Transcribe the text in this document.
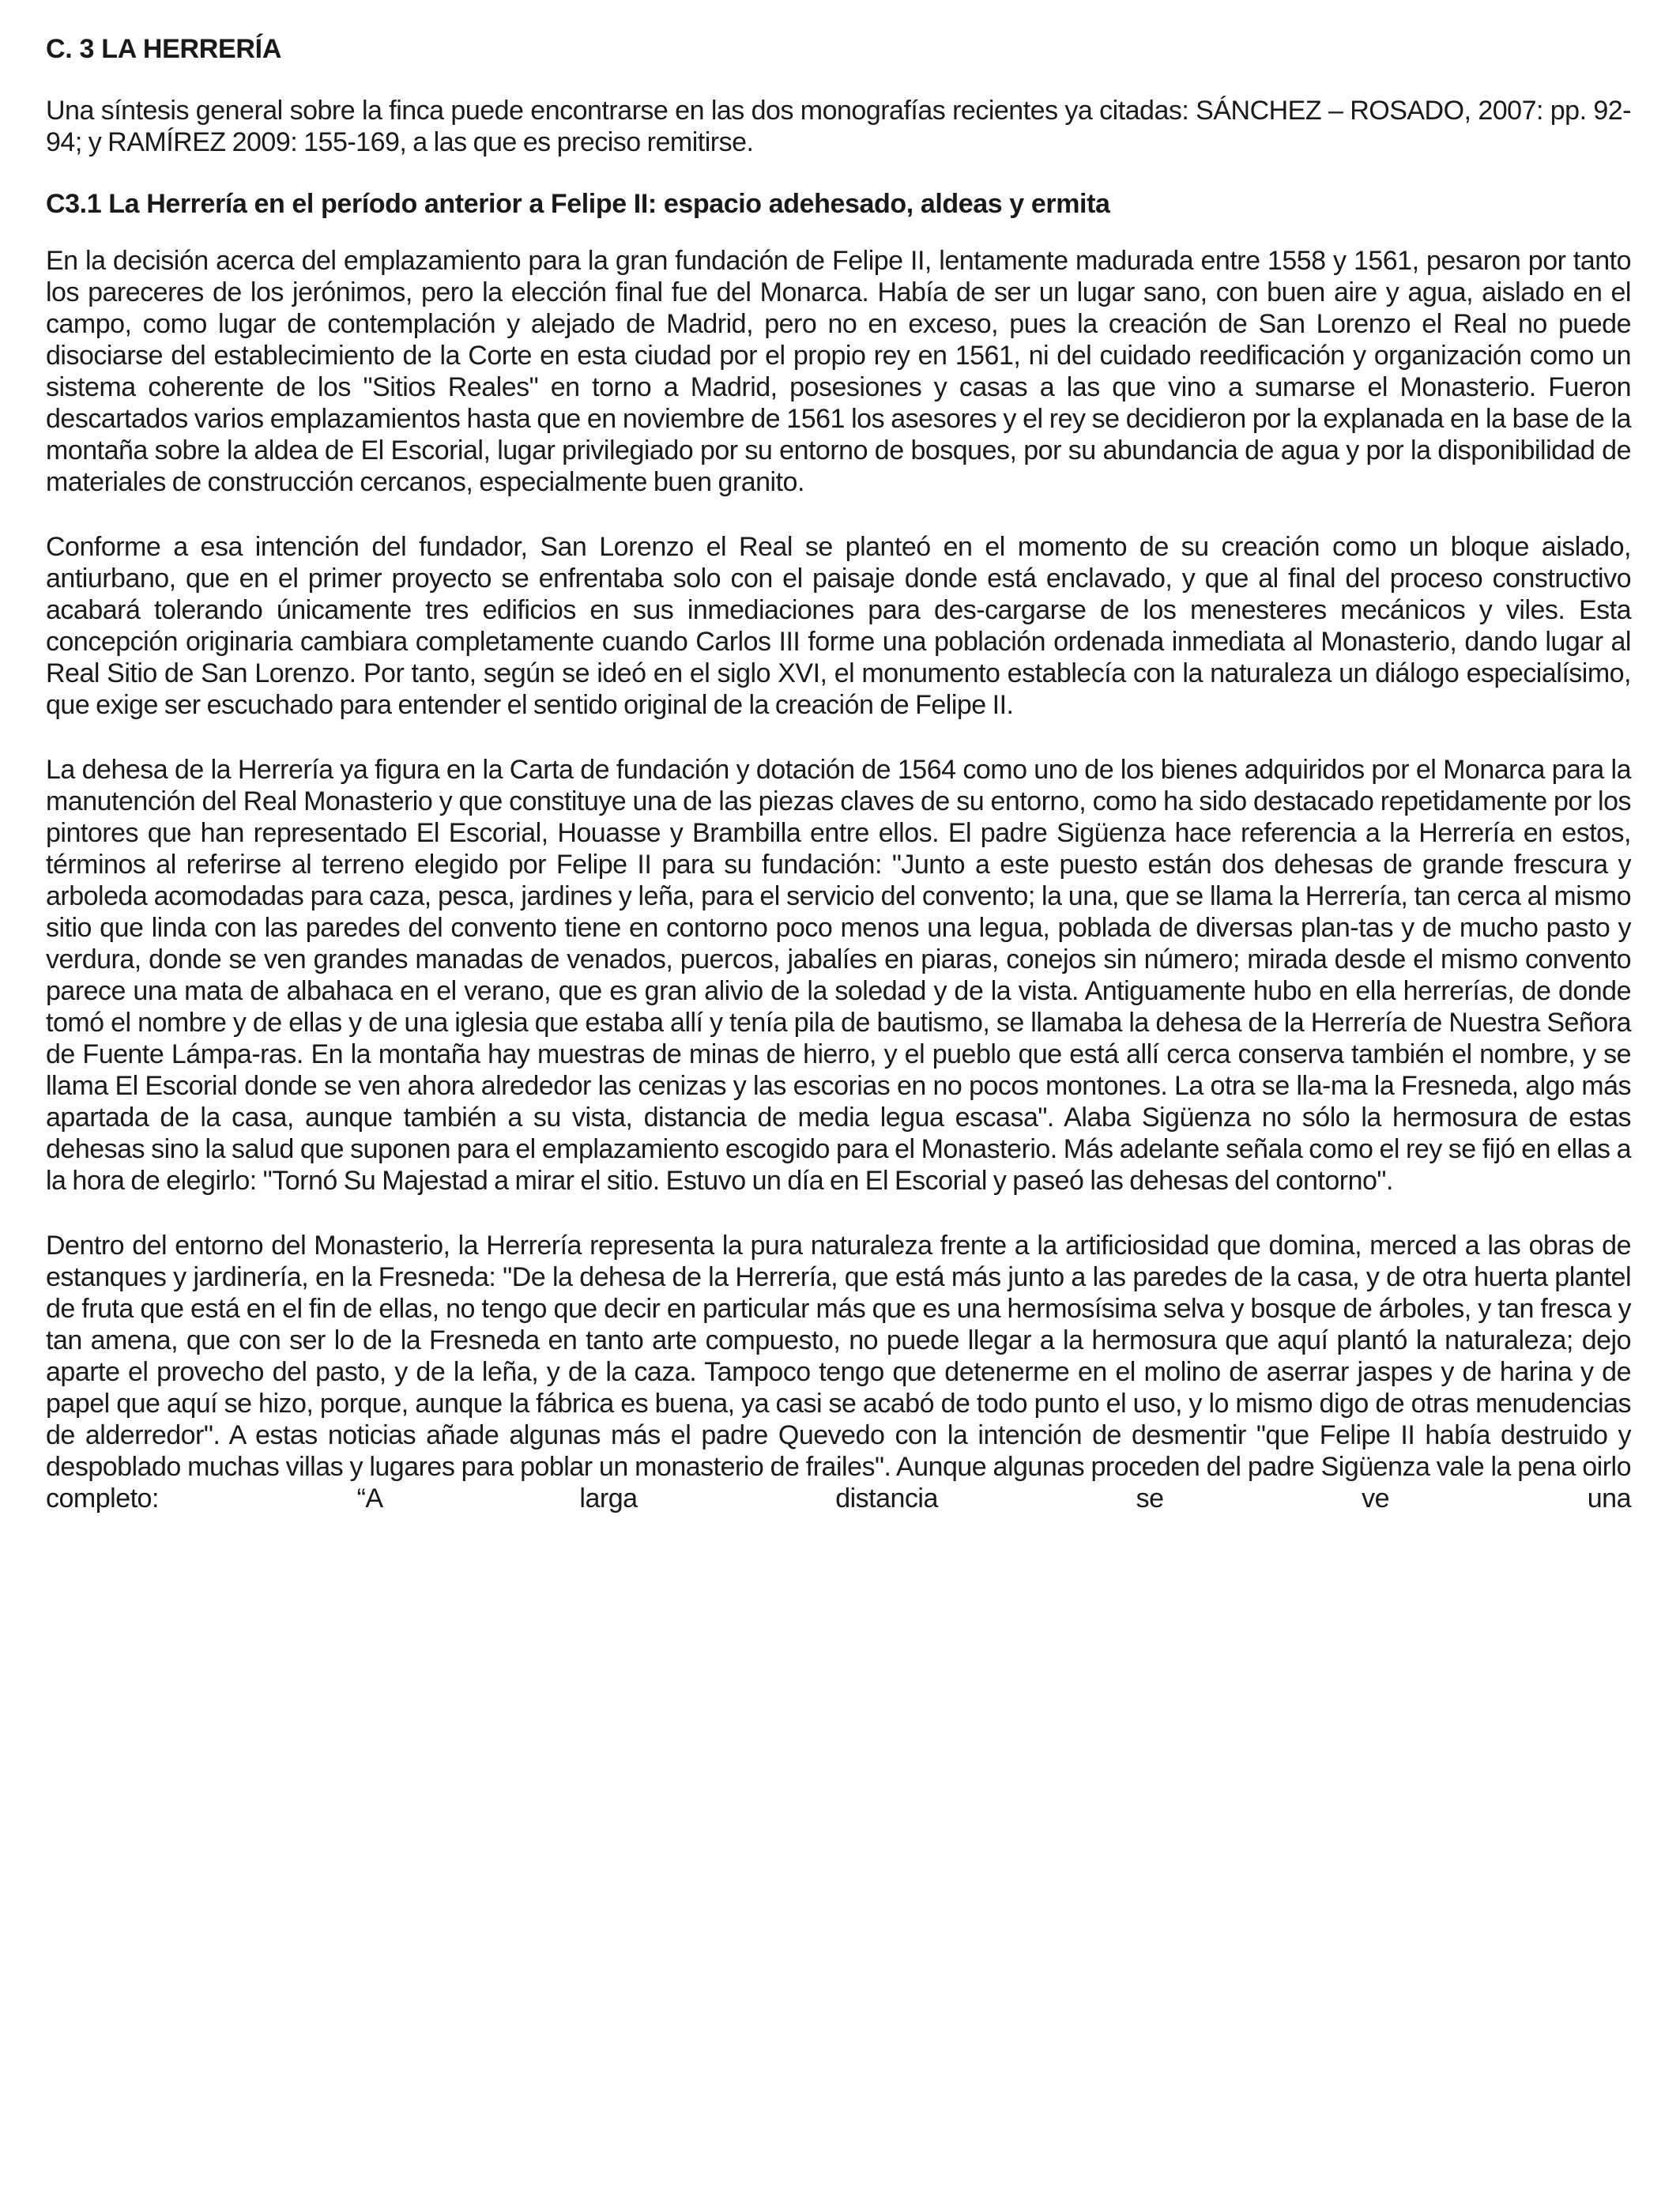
C. 3 LA HERRERÍA

Una síntesis general sobre la finca puede encontrarse en las dos monografías recientes ya citadas: SÁNCHEZ – ROSADO, 2007: pp. 92-94; y RAMÍREZ 2009: 155-169, a las que es preciso remitirse.

C3.1 La Herrería en el período anterior a Felipe II: espacio adehesado, aldeas y ermita

En la decisión acerca del emplazamiento para la gran fundación de Felipe II, lentamente madurada entre 1558 y 1561, pesaron por tanto los pareceres de los jerónimos, pero la elección final fue del Monarca. Había de ser un lugar sano, con buen aire y agua, aislado en el campo, como lugar de contemplación y alejado de Madrid, pero no en exceso, pues la creación de San Lorenzo el Real no puede disociarse del establecimiento de la Corte en esta ciudad por el propio rey en 1561, ni del cuidado reedificación y organización como un sistema coherente de los "Sitios Reales" en torno a Madrid, posesiones y casas a las que vino a sumarse el Monasterio. Fueron descartados varios emplazamientos hasta que en noviembre de 1561 los asesores y el rey se decidieron por la explanada en la base de la montaña sobre la aldea de El Escorial, lugar privilegiado por su entorno de bosques, por su abundancia de agua y por la disponibilidad de materiales de construcción cercanos, especialmente buen granito.

Conforme a esa intención del fundador, San Lorenzo el Real se planteó en el momento de su creación como un bloque aislado, antiurbano, que en el primer proyecto se enfrentaba solo con el paisaje donde está enclavado, y que al final del proceso constructivo acabará tolerando únicamente tres edificios en sus inmediaciones para des-cargarse de los menesteres mecánicos y viles. Esta concepción originaria cambiara completamente cuando Carlos III forme una población ordenada inmediata al Monasterio, dando lugar al Real Sitio de San Lorenzo. Por tanto, según se ideó en el siglo XVI, el monumento establecía con la naturaleza un diálogo especialísimo, que exige ser escuchado para entender el sentido original de la creación de Felipe II.

La dehesa de la Herrería ya figura en la Carta de fundación y dotación de 1564 como uno de los bienes adquiridos por el Monarca para la manutención del Real Monasterio y que constituye una de las piezas claves de su entorno, como ha sido destacado repetidamente por los pintores que han representado El Escorial, Houasse y Brambilla entre ellos. El padre Sigüenza hace referencia a la Herrería en estos, términos al referirse al terreno elegido por Felipe II para su fundación: "Junto a este puesto están dos dehesas de grande frescura y arboleda acomodadas para caza, pesca, jardines y leña, para el servicio del convento; la una, que se llama la Herrería, tan cerca al mismo sitio que linda con las paredes del convento tiene en contorno poco menos una legua, poblada de diversas plan-tas y de mucho pasto y verdura, donde se ven grandes manadas de venados, puercos, jabalíes en piaras, conejos sin número; mirada desde el mismo convento parece una mata de albahaca en el verano, que es gran alivio de la soledad y de la vista. Antiguamente hubo en ella herrerías, de donde tomó el nombre y de ellas y de una iglesia que estaba allí y tenía pila de bautismo, se llamaba la dehesa de la Herrería de Nuestra Señora de Fuente Lámpa-ras. En la montaña hay muestras de minas de hierro, y el pueblo que está allí cerca conserva también el nombre, y se llama El Escorial donde se ven ahora alrededor las cenizas y las escorias en no pocos montones. La otra se lla-ma la Fresneda, algo más apartada de la casa, aunque también a su vista, distancia de media legua escasa". Alaba Sigüenza no sólo la hermosura de estas dehesas sino la salud que suponen para el emplazamiento escogido para el Monasterio. Más adelante señala como el rey se fijó en ellas a la hora de elegirlo: "Tornó Su Majestad a mirar el sitio. Estuvo un día en El Escorial y paseó las dehesas del contorno".

Dentro del entorno del Monasterio, la Herrería representa la pura naturaleza frente a la artificiosidad que domina, merced a las obras de estanques y jardinería, en la Fresneda: "De la dehesa de la Herrería, que está más junto a las paredes de la casa, y de otra huerta plantel de fruta que está en el fin de ellas, no tengo que decir en particular más que es una hermosísima selva y bosque de árboles, y tan fresca y tan amena, que con ser lo de la Fresneda en tanto arte compuesto, no puede llegar a la hermosura que aquí plantó la naturaleza; dejo aparte el provecho del pasto, y de la leña, y de la caza. Tampoco tengo que detenerme en el molino de aserrar jaspes y de harina y de papel que aquí se hizo, porque, aunque la fábrica es buena, ya casi se acabó de todo punto el uso, y lo mismo digo de otras menudencias de alderredor". A estas noticias añade algunas más el padre Quevedo con la intención de desmentir "que Felipe II había destruido y despoblado muchas villas y lugares para poblar un monasterio de frailes". Aunque algunas proceden del padre Sigüenza vale la pena oirlo completo: “A larga distancia se ve una
